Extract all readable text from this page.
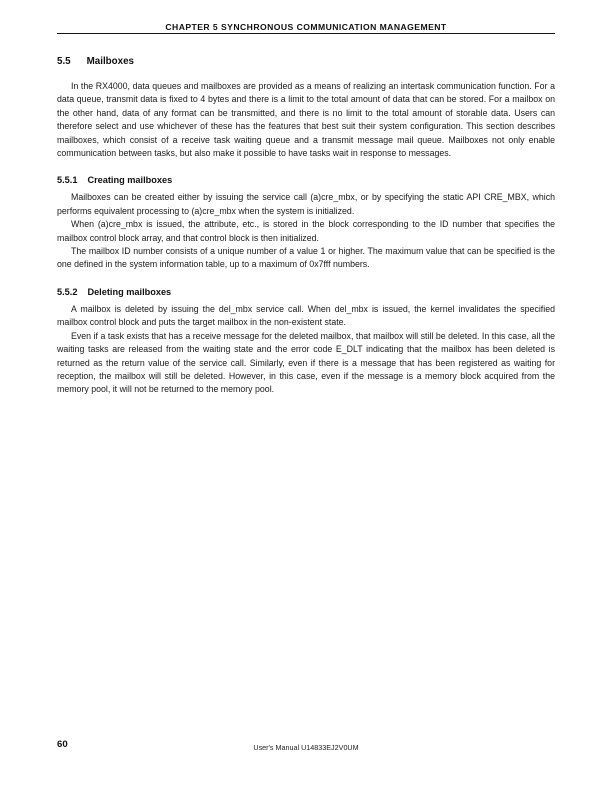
CHAPTER 5 SYNCHRONOUS COMMUNICATION MANAGEMENT
5.5 Mailboxes

In the RX4000, data queues and mailboxes are provided as a means of realizing an intertask communication function. For a data queue, transmit data is fixed to 4 bytes and there is a limit to the total amount of data that can be stored. For a mailbox on the other hand, data of any format can be transmitted, and there is no limit to the total amount of storable data. Users can therefore select and use whichever of these has the features that best suit their system configuration. This section describes mailboxes, which consist of a receive task waiting queue and a transmit message mail queue. Mailboxes not only enable communication between tasks, but also make it possible to have tasks wait in response to messages.

5.5.1 Creating mailboxes

Mailboxes can be created either by issuing the service call (a)cre_mbx, or by specifying the static API CRE_MBX, which performs equivalent processing to (a)cre_mbx when the system is initialized.

When (a)cre_mbx is issued, the attribute, etc., is stored in the block corresponding to the ID number that specifies the mailbox control block array, and that control block is then initialized.

The mailbox ID number consists of a unique number of a value 1 or higher. The maximum value that can be specified is the one defined in the system information table, up to a maximum of 0x7fff numbers.

5.5.2 Deleting mailboxes

A mailbox is deleted by issuing the del_mbx service call. When del_mbx is issued, the kernel invalidates the specified mailbox control block and puts the target mailbox in the non-existent state.

Even if a task exists that has a receive message for the deleted mailbox, that mailbox will still be deleted. In this case, all the waiting tasks are released from the waiting state and the error code E_DLT indicating that the mailbox has been deleted is returned as the return value of the service call. Similarly, even if there is a message that has been registered as waiting for reception, the mailbox will still be deleted. However, in this case, even if the message is a memory block acquired from the memory pool, it will not be returned to the memory pool.

60	User's Manual U14833EJ2V0UM
